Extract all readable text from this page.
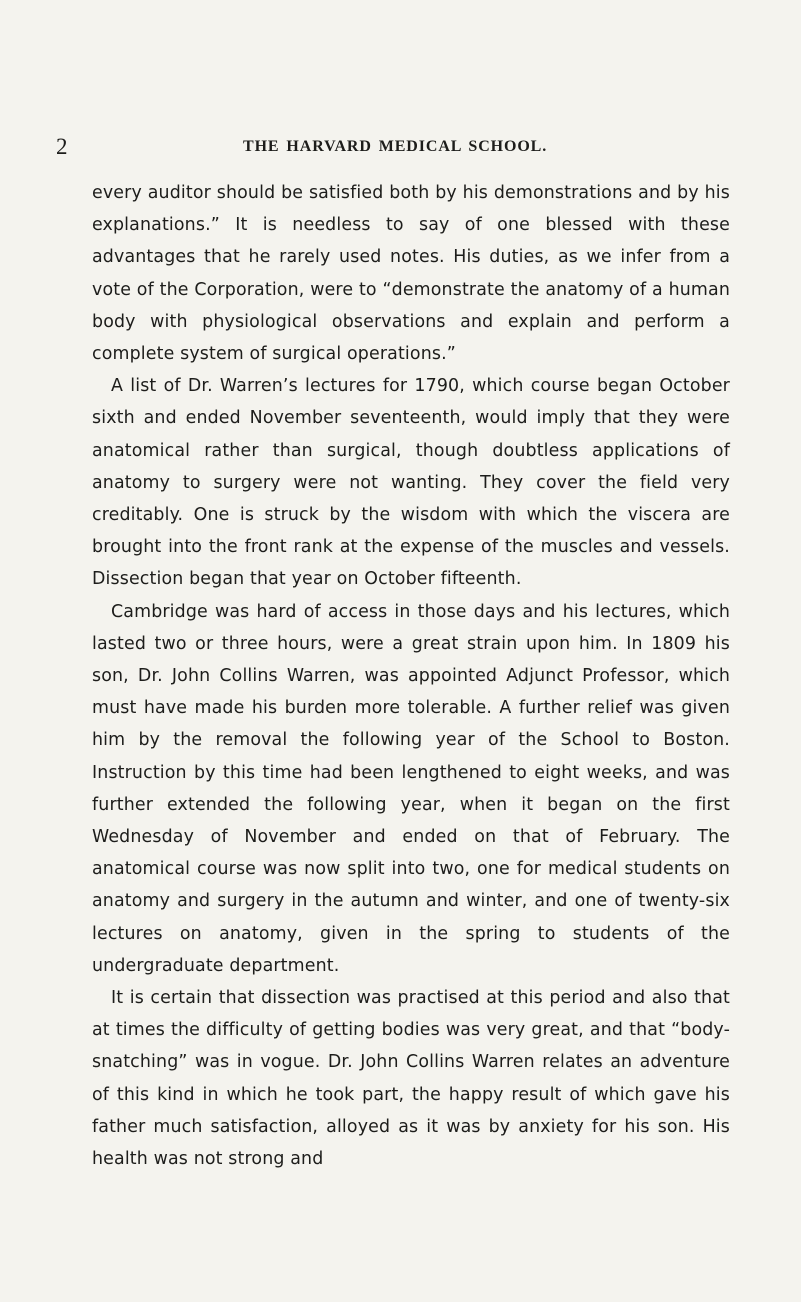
2	THE HARVARD MEDICAL SCHOOL.

every auditor should be satisfied both by his demonstrations and by his explanations.” It is needless to say of one blessed with these advantages that he rarely used notes. His duties, as we infer from a vote of the Corporation, were to “demonstrate the anatomy of a human body with physiological observations and explain and perform a complete system of surgical operations.”

A list of Dr. Warren’s lectures for 1790, which course began October sixth and ended November seventeenth, would imply that they were anatomical rather than surgical, though doubtless applications of anatomy to surgery were not wanting. They cover the field very creditably. One is struck by the wisdom with which the viscera are brought into the front rank at the expense of the muscles and vessels. Dissection began that year on October fifteenth.

Cambridge was hard of access in those days and his lectures, which lasted two or three hours, were a great strain upon him. In 1809 his son, Dr. John Collins Warren, was appointed Adjunct Professor, which must have made his burden more tolerable. A further relief was given him by the removal the following year of the School to Boston. Instruction by this time had been lengthened to eight weeks, and was further extended the following year, when it began on the first Wednesday of November and ended on that of February. The anatomical course was now split into two, one for medical students on anatomy and surgery in the autumn and winter, and one of twenty-six lectures on anatomy, given in the spring to students of the undergraduate department.

It is certain that dissection was practised at this period and also that at times the difficulty of getting bodies was very great, and that “body-snatching” was in vogue. Dr. John Collins Warren relates an adventure of this kind in which he took part, the happy result of which gave his father much satisfaction, alloyed as it was by anxiety for his son. His health was not strong and
